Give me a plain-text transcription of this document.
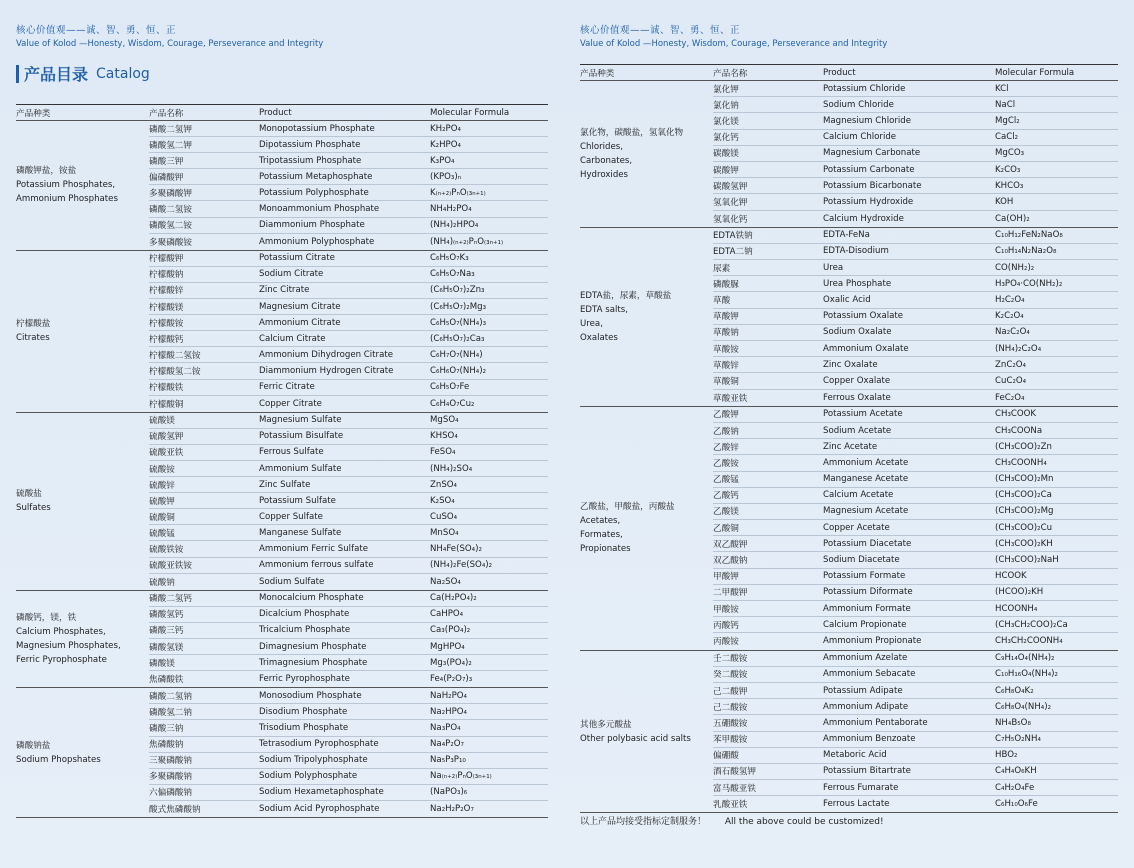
核心价值观——诚、智、勇、恒、正
Value of Kolod —Honesty, Wisdom, Courage, Perseverance and Integrity
产品目录 Catalog
产品种类	产品名称	Product	Molecular Formula
磷酸钾盐，铵盐
Potassium Phosphates,
Ammonium Phosphates
磷酸二氢钾	Monopotassium Phosphate	KH₂PO₄
磷酸氢二钾	Dipotassium Phosphate	K₂HPO₄
磷酸三钾	Tripotassium Phosphate	K₃PO₄
偏磷酸钾	Potassium Metaphosphate	(KPO₃)ₙ
多聚磷酸钾	Potassium Polyphosphate	K₍ₙ₊₂₎PₙO₍₃ₙ₊₁₎
磷酸二氢铵	Monoammonium Phosphate	NH₄H₂PO₄
磷酸氢二铵	Diammonium Phosphate	(NH₄)₂HPO₄
多聚磷酸铵	Ammonium Polyphosphate	(NH₄)₍ₙ₊₂₎PₙO₍₃ₙ₊₁₎
柠檬酸盐
Citrates
柠檬酸钾	Potassium Citrate	C₆H₅O₇K₃
柠檬酸钠	Sodium Citrate	C₆H₅O₇Na₃
柠檬酸锌	Zinc Citrate	(C₆H₅O₇)₂Zn₃
柠檬酸镁	Magnesium Citrate	(C₆H₅O₇)₂Mg₃
柠檬酸铵	Ammonium Citrate	C₆H₅O₇(NH₄)₃
柠檬酸钙	Calcium Citrate	(C₆H₅O₇)₂Ca₃
柠檬酸二氢铵	Ammonium Dihydrogen Citrate	C₆H₇O₇(NH₄)
柠檬酸氢二铵	Diammonium Hydrogen Citrate	C₆H₆O₇(NH₄)₂
柠檬酸铁	Ferric Citrate	C₆H₅O₇Fe
柠檬酸铜	Copper Citrate	C₆H₄O₇Cu₂
硫酸盐
Sulfates
硫酸镁	Magnesium Sulfate	MgSO₄
硫酸氢钾	Potassium Bisulfate	KHSO₄
硫酸亚铁	Ferrous Sulfate	FeSO₄
硫酸铵	Ammonium Sulfate	(NH₄)₂SO₄
硫酸锌	Zinc Sulfate	ZnSO₄
硫酸钾	Potassium Sulfate	K₂SO₄
硫酸铜	Copper Sulfate	CuSO₄
硫酸锰	Manganese Sulfate	MnSO₄
硫酸铁铵	Ammonium Ferric Sulfate	NH₄Fe(SO₄)₂
硫酸亚铁铵	Ammonium ferrous sulfate	(NH₄)₂Fe(SO₄)₂
硫酸钠	Sodium Sulfate	Na₂SO₄
磷酸钙，镁，铁
Calcium Phosphates,
Magnesium Phosphates,
Ferric Pyrophosphate
磷酸二氢钙	Monocalcium Phosphate	Ca(H₂PO₄)₂
磷酸氢钙	Dicalcium Phosphate	CaHPO₄
磷酸三钙	Tricalcium Phosphate	Ca₃(PO₄)₂
磷酸氢镁	Dimagnesium Phosphate	MgHPO₄
磷酸镁	Trimagnesium Phosphate	Mg₃(PO₄)₂
焦磷酸铁	Ferric Pyrophosphate	Fe₄(P₂O₇)₃
磷酸钠盐
Sodium Phopshates
磷酸二氢钠	Monosodium Phosphate	NaH₂PO₄
磷酸氢二钠	Disodium Phosphate	Na₂HPO₄
磷酸三钠	Trisodium Phosphate	Na₃PO₄
焦磷酸钠	Tetrasodium Pyrophosphate	Na₄P₂O₇
三聚磷酸钠	Sodium Tripolyphosphate	Na₅P₃P₁₀
多聚磷酸钠	Sodium Polyphosphate	Na₍ₙ₊₂₎PₙO₍₃ₙ₊₁₎
六偏磷酸钠	Sodium Hexametaphosphate	(NaPO₃)₆
酸式焦磷酸钠	Sodium Acid Pyrophosphate	Na₂H₂P₂O₇
核心价值观——诚、智、勇、恒、正
Value of Kolod —Honesty, Wisdom, Courage, Perseverance and Integrity
产品种类	产品名称	Product	Molecular Formula
氯化物，碳酸盐，氢氧化物
Chlorides,
Carbonates,
Hydroxides
氯化钾	Potassium Chloride	KCl
氯化钠	Sodium Chloride	NaCl
氯化镁	Magnesium Chloride	MgCl₂
氯化钙	Calcium Chloride	CaCl₂
碳酸镁	Magnesium Carbonate	MgCO₃
碳酸钾	Potassium Carbonate	K₂CO₃
碳酸氢钾	Potassium Bicarbonate	KHCO₃
氢氧化钾	Potassium Hydroxide	KOH
氢氧化钙	Calcium Hydroxide	Ca(OH)₂
EDTA盐，尿素，草酸盐
EDTA salts,
Urea,
Oxalates
EDTA铁钠	EDTA-FeNa	C₁₀H₁₂FeN₂NaO₈
EDTA二钠	EDTA-Disodium	C₁₀H₁₄N₂Na₂O₈
尿素	Urea	CO(NH₂)₂
磷酸脲	Urea Phosphate	H₃PO₄·CO(NH₂)₂
草酸	Oxalic Acid	H₂C₂O₄
草酸钾	Potassium Oxalate	K₂C₂O₄
草酸钠	Sodium Oxalate	Na₂C₂O₄
草酸铵	Ammonium Oxalate	(NH₄)₂C₂O₄
草酸锌	Zinc Oxalate	ZnC₂O₄
草酸铜	Copper Oxalate	CuC₂O₄
草酸亚铁	Ferrous Oxalate	FeC₂O₄
乙酸盐，甲酸盐，丙酸盐
Acetates,
Formates,
Propionates
乙酸钾	Potassium Acetate	CH₃COOK
乙酸钠	Sodium Acetate	CH₃COONa
乙酸锌	Zinc Acetate	(CH₃COO)₂Zn
乙酸铵	Ammonium Acetate	CH₃COONH₄
乙酸锰	Manganese Acetate	(CH₃COO)₂Mn
乙酸钙	Calcium Acetate	(CH₃COO)₂Ca
乙酸镁	Magnesium Acetate	(CH₃COO)₂Mg
乙酸铜	Copper Acetate	(CH₃COO)₂Cu
双乙酸钾	Potassium Diacetate	(CH₃COO)₂KH
双乙酸钠	Sodium Diacetate	(CH₃COO)₂NaH
甲酸钾	Potassium Formate	HCOOK
二甲酸钾	Potassium Diformate	(HCOO)₂KH
甲酸铵	Ammonium Formate	HCOONH₄
丙酸钙	Calcium Propionate	(CH₃CH₂COO)₂Ca
丙酸铵	Ammonium Propionate	CH₃CH₂COONH₄
其他多元酸盐
Other polybasic acid salts
壬二酸铵	Ammonium Azelate	C₉H₁₄O₄(NH₄)₂
癸二酸铵	Ammonium Sebacate	C₁₀H₁₆O₄(NH₄)₂
己二酸钾	Potassium Adipate	C₆H₈O₄K₂
己二酸铵	Ammonium Adipate	C₆H₈O₄(NH₄)₂
五硼酸铵	Ammonium Pentaborate	NH₄B₅O₈
苯甲酸铵	Ammonium Benzoate	C₇H₅O₂NH₄
偏硼酸	Metaboric Acid	HBO₂
酒石酸氢钾	Potassium Bitartrate	C₄H₄O₆KH
富马酸亚铁	Ferrous Fumarate	C₄H₂O₄Fe
乳酸亚铁	Ferrous Lactate	C₆H₁₀O₆Fe
以上产品均接受指标定制服务！ All the above could be customized!
